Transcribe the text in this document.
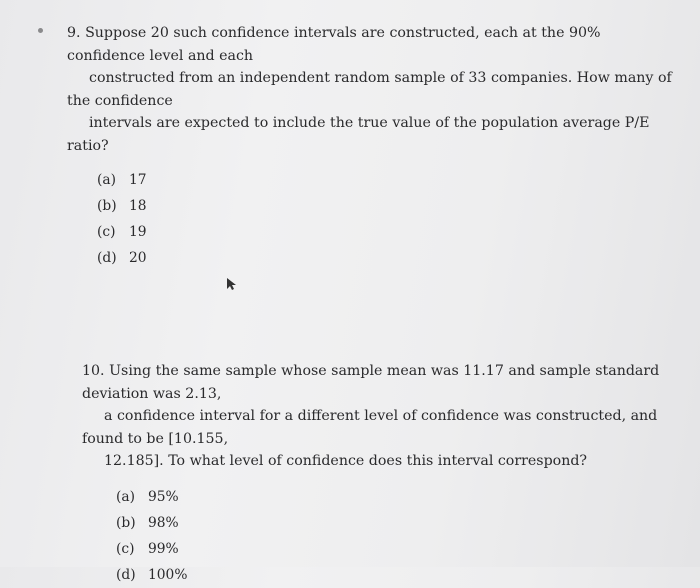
9. Suppose 20 such confidence intervals are constructed, each at the 90% confidence level and each
constructed from an independent random sample of 33 companies. How many of the confidence
intervals are expected to include the true value of the population average P/E ratio?

(a) 17
(b) 18
(c) 19
(d) 20

10. Using the same sample whose sample mean was 11.17 and sample standard deviation was 2.13,
a confidence interval for a different level of confidence was constructed, and found to be [10.155,
12.185]. To what level of confidence does this interval correspond?

(a) 95%
(b) 98%
(c) 99%
(d) 100%
